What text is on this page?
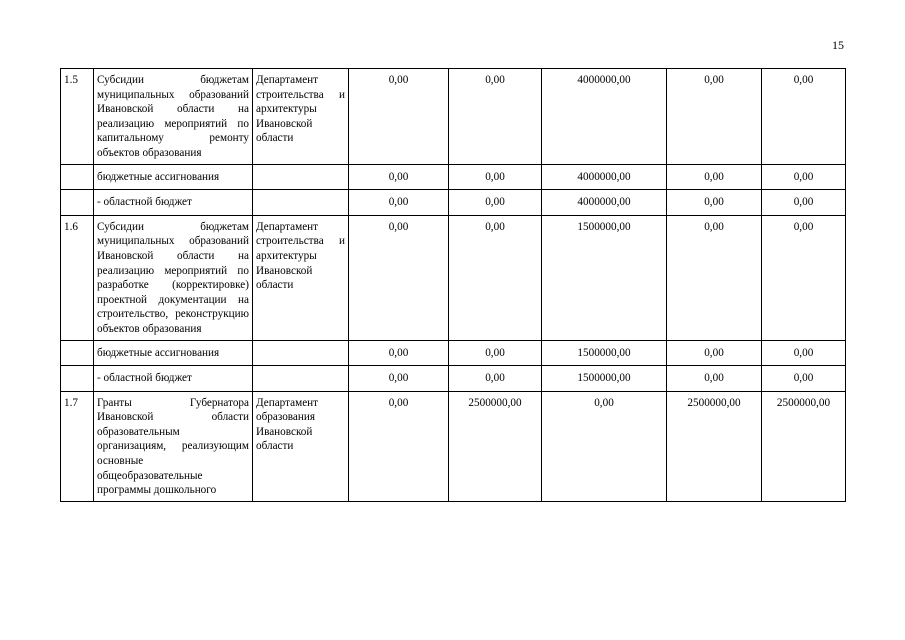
15
1.5	Субсидии бюджетам муниципальных образований Ивановской области на реализацию мероприятий по капитальному ремонту объектов образования	Департамент строительства и архитектуры Ивановской области	0,00	0,00	4000000,00	0,00	0,00
	бюджетные ассигнования		0,00	0,00	4000000,00	0,00	0,00
	- областной бюджет		0,00	0,00	4000000,00	0,00	0,00
1.6	Субсидии бюджетам муниципальных образований Ивановской области на реализацию мероприятий по разработке (корректировке) проектной документации на строительство, реконструкцию объектов образования	Департамент строительства и архитектуры Ивановской области	0,00	0,00	1500000,00	0,00	0,00
	бюджетные ассигнования		0,00	0,00	1500000,00	0,00	0,00
	- областной бюджет		0,00	0,00	1500000,00	0,00	0,00
1.7	Гранты Губернатора Ивановской области образовательным организациям, реализующим основные общеобразовательные программы дошкольного	Департамент образования Ивановской области	0,00	2500000,00	0,00	2500000,00	2500000,00
